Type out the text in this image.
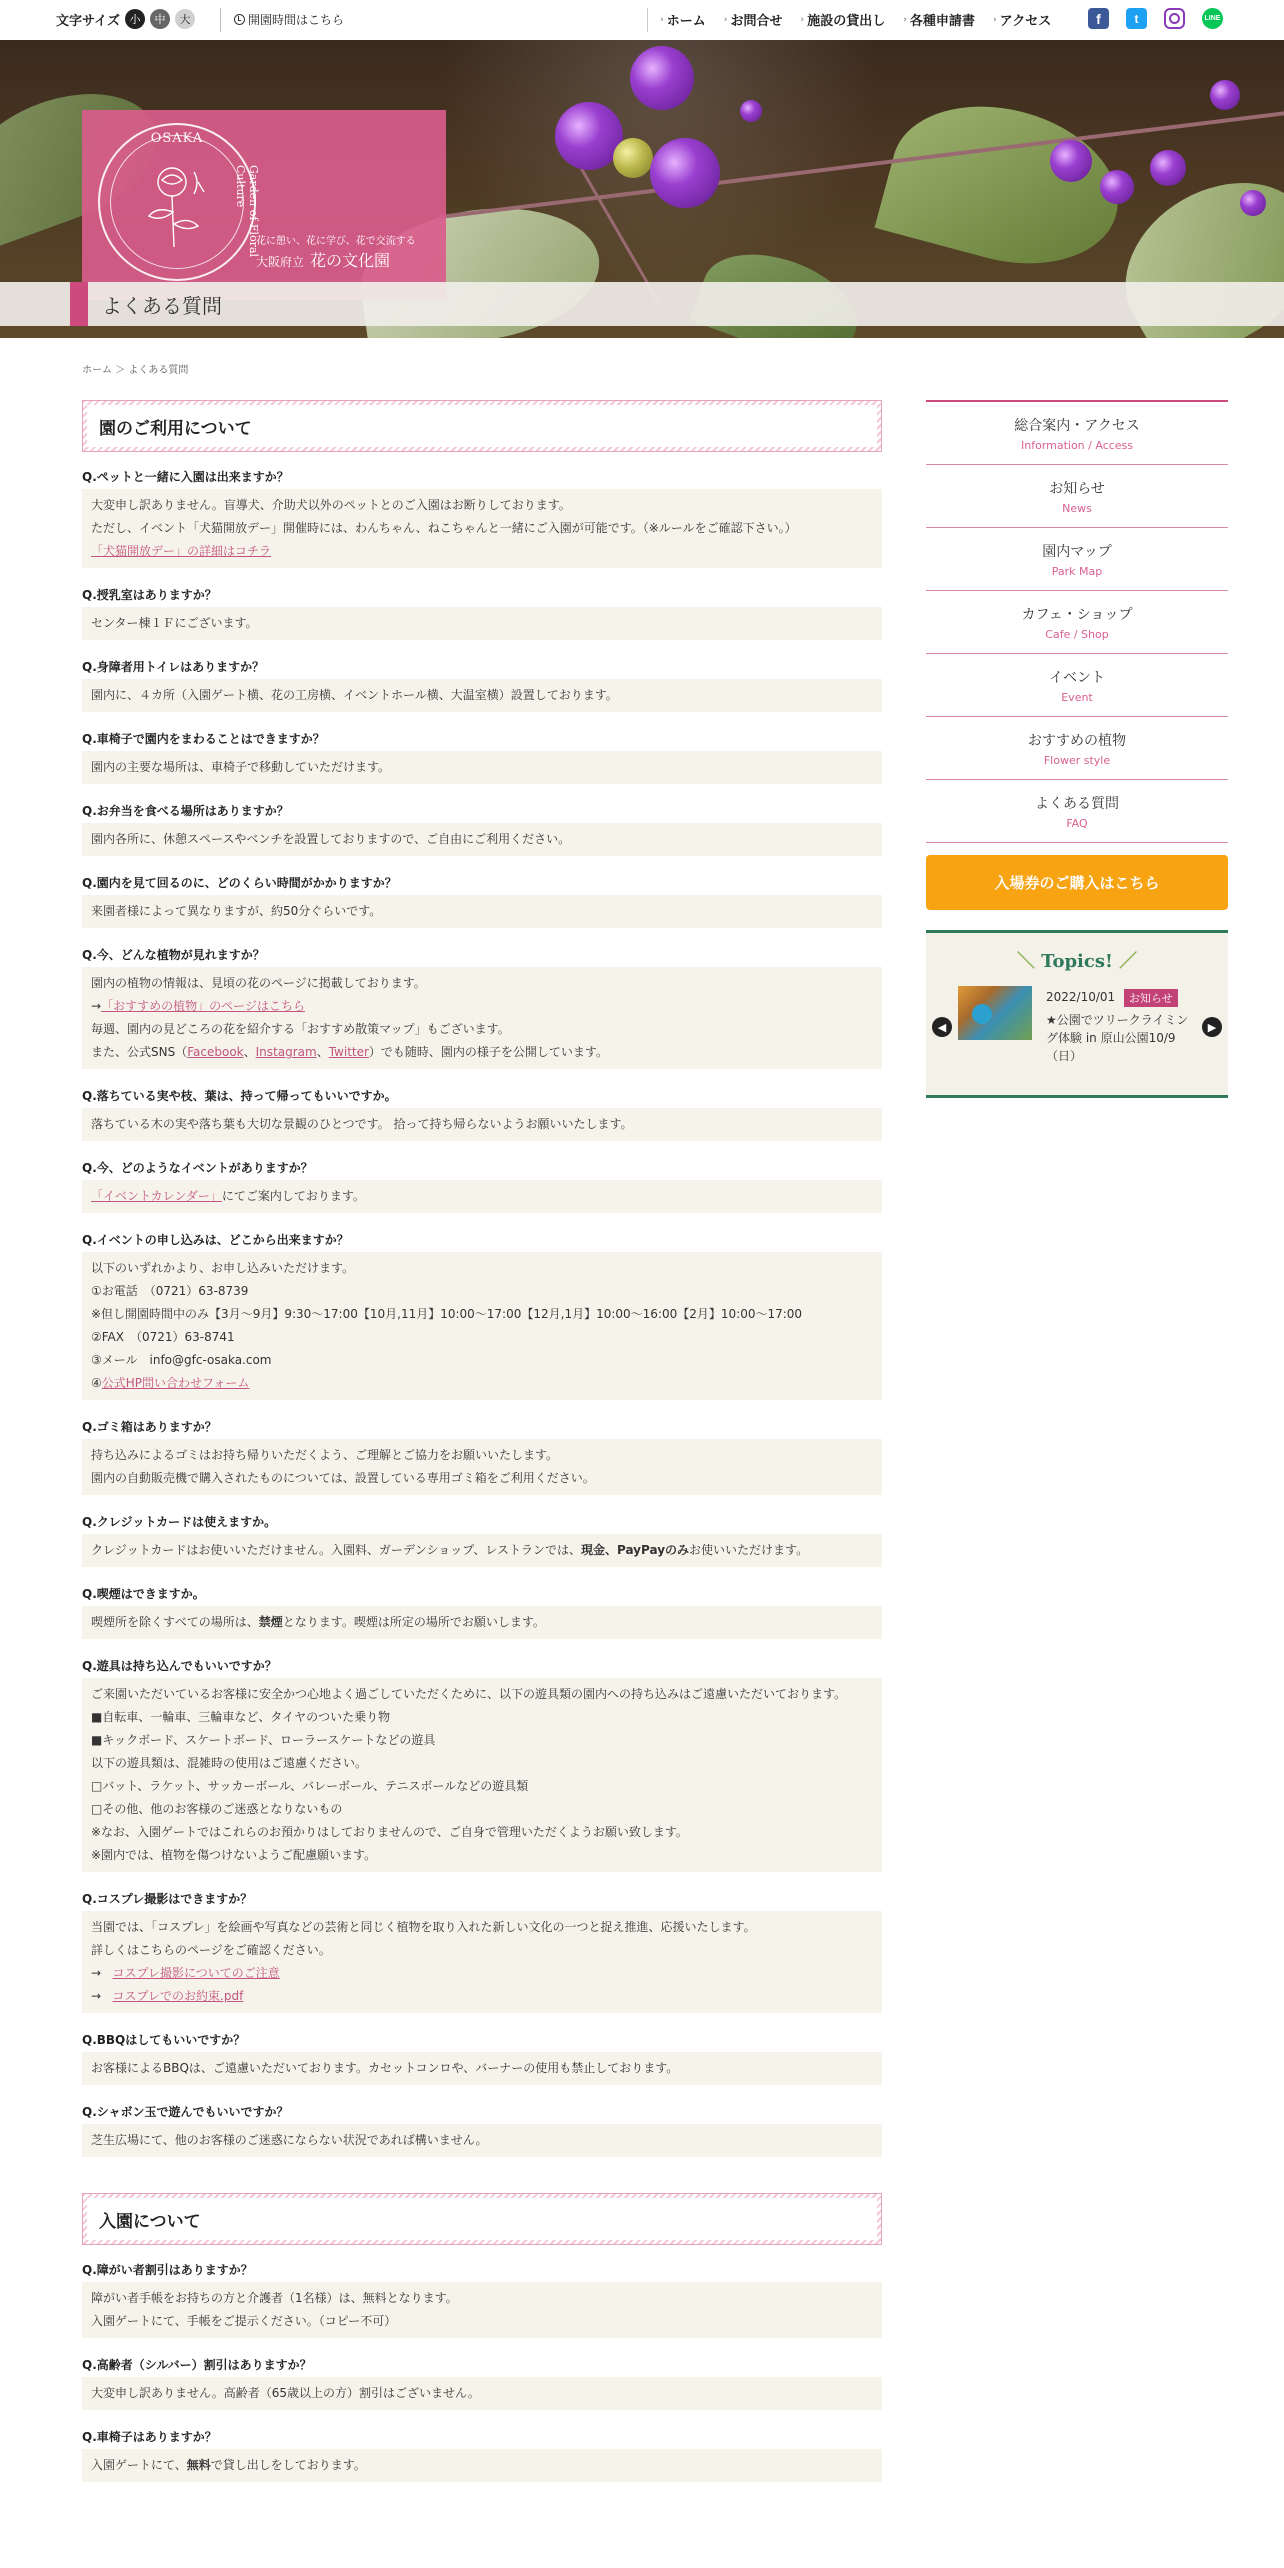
文字サイズ 小	中	大	開園時間はこちら	› ホーム › お問合せ › 施設の貸出し › 各種申請書 › アクセス	f	t	LINE
OSAKA
Garden of Floral Culture
花に憩い、花に学び、花で交流する
大阪府立 花の文化園
よくある質問
ホーム ＞ よくある質問
園のご利用について
Q.ペットと一緒に入園は出来ますか？
大変申し訳ありません。盲導犬、介助犬以外のペットとのご入園はお断りしております。
ただし、イベント「犬猫開放デー」開催時には、わんちゃん、ねこちゃんと一緒にご入園が可能です。（※ルールをご確認下さい。）
「犬猫開放デー」の詳細はコチラ
Q.授乳室はありますか？
センター棟１Ｆにございます。
Q.身障者用トイレはありますか？
園内に、４カ所（入園ゲート横、花の工房横、イベントホール横、大温室横）設置しております。
Q.車椅子で園内をまわることはできますか？
園内の主要な場所は、車椅子で移動していただけます。
Q.お弁当を食べる場所はありますか？
園内各所に、休憩スペースやベンチを設置しておりますので、ご自由にご利用ください。
Q.園内を見て回るのに、どのくらい時間がかかりますか？
来園者様によって異なりますが、約50分ぐらいです。
Q.今、どんな植物が見れますか？
園内の植物の情報は、見頃の花のページに掲載しております。
→「おすすめの植物」のページはこちら
毎週、園内の見どころの花を紹介する「おすすめ散策マップ」もございます。
また、公式SNS（Facebook、Instagram、Twitter）でも随時、園内の様子を公開しています。
Q.落ちている実や枝、葉は、持って帰ってもいいですか。
落ちている木の実や落ち葉も大切な景観のひとつです。 拾って持ち帰らないようお願いいたします。
Q.今、どのようなイベントがありますか？
「イベントカレンダー」にてご案内しております。
Q.イベントの申し込みは、どこから出来ますか？
以下のいずれかより、お申し込みいただけます。
①お電話　（0721）63-8739
※但し開園時間中のみ【3月～9月】9:30～17:00【10月,11月】10:00～17:00【12月,1月】10:00～16:00【2月】10:00～17:00
②FAX　（0721）63-8741
③メール　info@gfc-osaka.com
④公式HP問い合わせフォーム
Q.ゴミ箱はありますか？
持ち込みによるゴミはお持ち帰りいただくよう、ご理解とご協力をお願いいたします。
園内の自動販売機で購入されたものについては、設置している専用ゴミ箱をご利用ください。
Q.クレジットカードは使えますか。
クレジットカードはお使いいただけません。入園料、ガーデンショップ、レストランでは、現金、PayPayのみお使いいただけます。
Q.喫煙はできますか。
喫煙所を除くすべての場所は、禁煙となります。喫煙は所定の場所でお願いします。
Q.遊具は持ち込んでもいいですか？
ご来園いただいているお客様に安全かつ心地よく過ごしていただくために、以下の遊具類の園内への持ち込みはご遠慮いただいております。
■自転車、一輪車、三輪車など、タイヤのついた乗り物
■キックボード、スケートボード、ローラースケートなどの遊具
以下の遊具類は、混雑時の使用はご遠慮ください。
□バット、ラケット、サッカーボール、バレーボール、テニスボールなどの遊具類
□その他、他のお客様のご迷惑となりないもの
※なお、入園ゲートではこれらのお預かりはしておりませんので、ご自身で管理いただくようお願い致します。
※園内では、植物を傷つけないようご配慮願います。
Q.コスプレ撮影はできますか？
当園では、「コスプレ」を絵画や写真などの芸術と同じく植物を取り入れた新しい文化の一つと捉え推進、応援いたします。
詳しくはこちらのページをご確認ください。
→ コスプレ撮影についてのご注意
→ コスプレでのお約束.pdf
Q.BBQはしてもいいですか？
お客様によるBBQは、ご遠慮いただいております。カセットコンロや、バーナーの使用も禁止しております。
Q.シャボン玉で遊んでもいいですか？
芝生広場にて、他のお客様のご迷惑にならない状況であれば構いません。
入園について
Q.障がい者割引はありますか？
障がい者手帳をお持ちの方と介護者（1名様）は、無料となります。
入園ゲートにて、手帳をご提示ください。（コピー不可）
Q.高齢者（シルバー）割引はありますか？
大変申し訳ありません。高齢者（65歳以上の方）割引はございません。
Q.車椅子はありますか？
入園ゲートにて、無料で貸し出しをしております。
総合案内・アクセス
Information / Access
お知らせ
News
園内マップ
Park Map
カフェ・ショップ
Cafe / Shop
イベント
Event
おすすめの植物
Flower style
よくある質問
FAQ
入場券のご購入はこちら
＼ Topics! ／
◀	▶
2022/10/01	お知らせ
★公園でツリークライミング体験 in 原山公園10/9（日）
